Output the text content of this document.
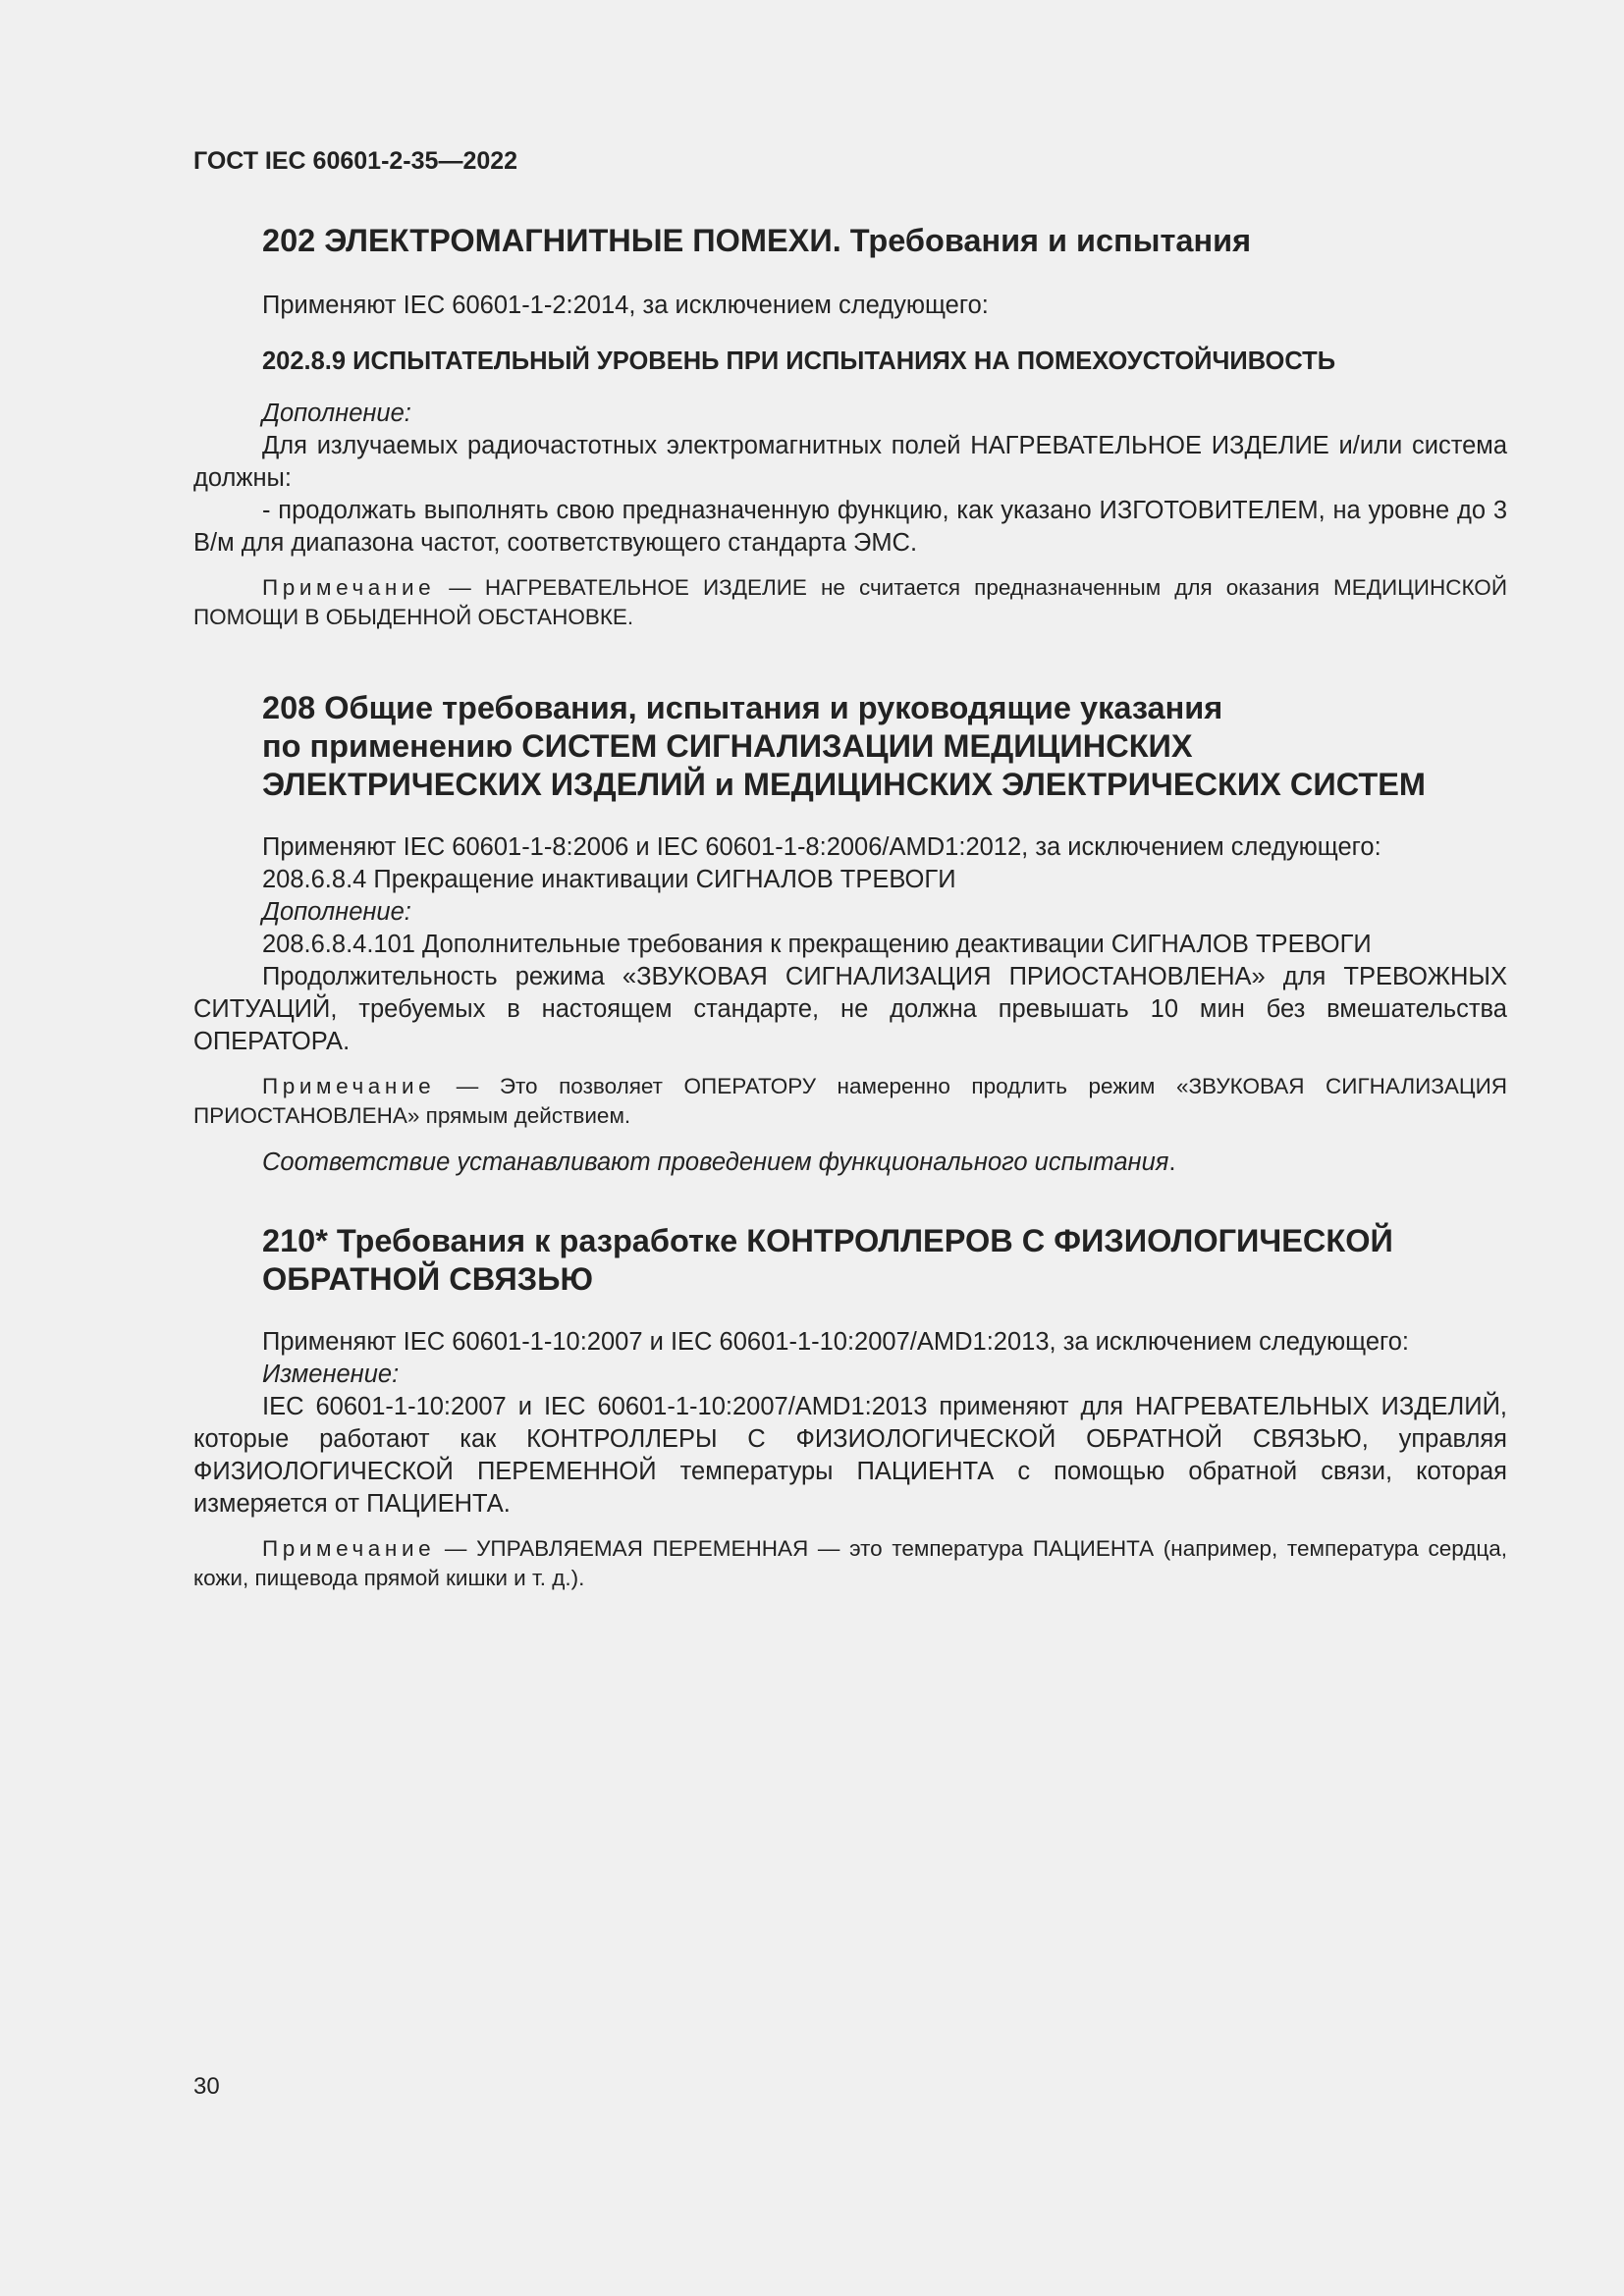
ГОСТ IEC 60601-2-35—2022
202 ЭЛЕКТРОМАГНИТНЫЕ ПОМЕХИ. Требования и испытания

Применяют IEC 60601-1-2:2014, за исключением следующего:

202.8.9 ИСПЫТАТЕЛЬНЫЙ УРОВЕНЬ ПРИ ИСПЫТАНИЯХ НА ПОМЕХОУСТОЙЧИВОСТЬ

Дополнение:

Для излучаемых радиочастотных электромагнитных полей НАГРЕВАТЕЛЬНОЕ ИЗДЕЛИЕ и/или система должны:

- продолжать выполнять свою предназначенную функцию, как указано ИЗГОТОВИТЕЛЕМ, на уровне до 3 В/м для диапазона частот, соответствующего стандарта ЭМС.

Примечание — НАГРЕВАТЕЛЬНОЕ ИЗДЕЛИЕ не считается предназначенным для оказания МЕДИЦИНСКОЙ ПОМОЩИ В ОБЫДЕННОЙ ОБСТАНОВКЕ.

208 Общие требования, испытания и руководящие указания
по применению СИСТЕМ СИГНАЛИЗАЦИИ МЕДИЦИНСКИХ
ЭЛЕКТРИЧЕСКИХ ИЗДЕЛИЙ и МЕДИЦИНСКИХ ЭЛЕКТРИЧЕСКИХ СИСТЕМ

Применяют IEC 60601-1-8:2006 и IEC 60601-1-8:2006/AMD1:2012, за исключением следующего:

208.6.8.4 Прекращение инактивации СИГНАЛОВ ТРЕВОГИ

Дополнение:

208.6.8.4.101 Дополнительные требования к прекращению деактивации СИГНАЛОВ ТРЕВОГИ

Продолжительность режима «ЗВУКОВАЯ СИГНАЛИЗАЦИЯ ПРИОСТАНОВЛЕНА» для ТРЕВОЖНЫХ СИТУАЦИЙ, требуемых в настоящем стандарте, не должна превышать 10 мин без вмешательства ОПЕРАТОРА.

Примечание — Это позволяет ОПЕРАТОРУ намеренно продлить режим «ЗВУКОВАЯ СИГНАЛИЗАЦИЯ ПРИОСТАНОВЛЕНА» прямым действием.

Соответствие устанавливают проведением функционального испытания.

210* Требования к разработке КОНТРОЛЛЕРОВ С ФИЗИОЛОГИЧЕСКОЙ
ОБРАТНОЙ СВЯЗЬЮ

Применяют IEC 60601-1-10:2007 и IEC 60601-1-10:2007/AMD1:2013, за исключением следующего:

Изменение:

IEC 60601-1-10:2007 и IEC 60601-1-10:2007/AMD1:2013 применяют для НАГРЕВАТЕЛЬНЫХ ИЗДЕЛИЙ, которые работают как КОНТРОЛЛЕРЫ С ФИЗИОЛОГИЧЕСКОЙ ОБРАТНОЙ СВЯЗЬЮ, управляя ФИЗИОЛОГИЧЕСКОЙ ПЕРЕМЕННОЙ температуры ПАЦИЕНТА с помощью обратной связи, которая измеряется от ПАЦИЕНТА.

Примечание — УПРАВЛЯЕМАЯ ПЕРЕМЕННАЯ — это температура ПАЦИЕНТА (например, температура сердца, кожи, пищевода прямой кишки и т. д.).

30
